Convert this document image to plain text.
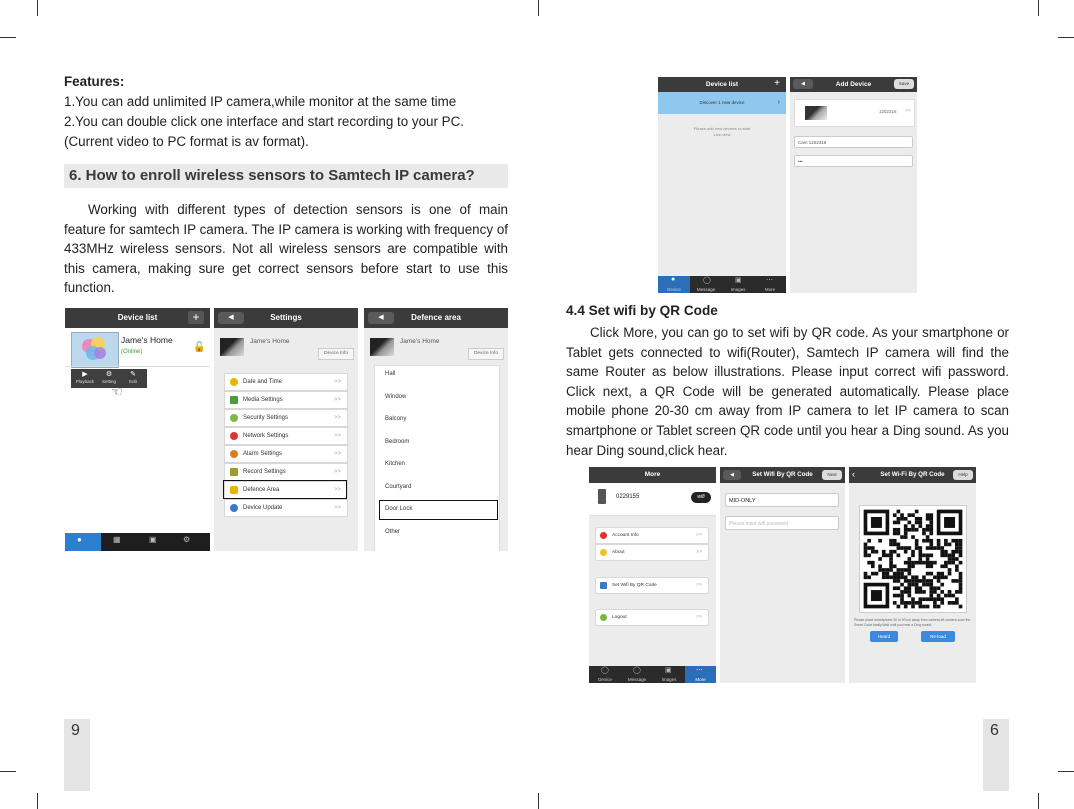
Features:
1.You can add unlimited IP camera,while monitor at the same time
2.You can double click one interface and start recording to your PC.
(Current video to PC format is av format).
6. How to enroll wireless sensors to Samtech IP camera?
Working with different types of detection sensors is one of main feature for samtech IP camera. The IP camera is working with frequency of 433MHz wireless sensors. Not all wireless sensors are compatible with this camera, making sure get correct sensors before start to use this function.
Device list	+
Jame's Home
(Online)	🔓
▶
Playback
⚙
Setting
✎
Edit
☜
●	▦	▣	⚙
Settings
◀
Jame's Home
Device Info
Date and Time	>>
Media Settings	>>
Security Settings	>>
Network Settings	>>
Alarm Settings	>>
Record Settings	>>
Defence Area	>>
Device Update	>>
Defence area
◀
Jame's Home
Device Info
Hall
Window
Balcony
Bedroom
Kitchen
Courtyard
Door Lock
Other
9
Device list	+
Discover 1 new device	›
Please add new devices to start
Live-view
●
Device
◯
Message
▣
Images
⋯
More
Add Device
◀	Save
1202316 >>
Cam 1202316
•••
4.4 Set wifi by QR Code
Click More, you can go to set wifi by QR code. As your smartphone or Tablet gets connected to wifi(Router), Samtech IP camera will find the same Router as below illustrations. Please input correct wifi password. Click next, a QR Code will be generated automatically. Please place mobile phone 20-30 cm away from IP camera to let IP camera to scan smartphone or Tablet screen QR code until you hear a Ding sound. As you hear Ding sound,click hear.
More
0229155	wifi
Account Info	>>
About	>>
Set Wifi By QR Code	>>
Logout	>>
◯
Device
◯
Message
▣
Images
⋯
More
Set Wifi By QR Code
◀	Next
MID-ONLY
Please input wifi password
Set Wi-Fi By QR Code
‹	Help
Please place smartphone 20 to 30 cm away from camera,let camera scan the Smart Code finally,Wait until you hear a Ding sound.
Heard	Re-load
6
